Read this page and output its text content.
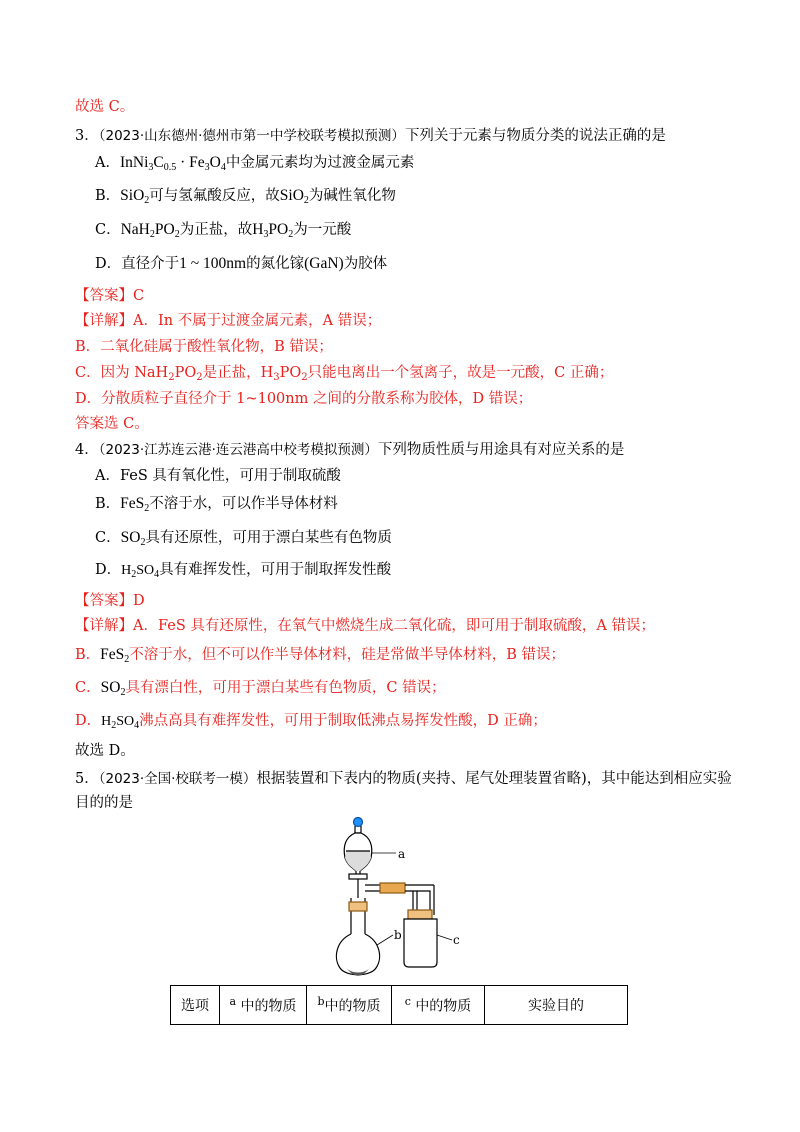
故选 C。
3．（2023·山东德州·德州市第一中学校联考模拟预测）下列关于元素与物质分类的说法正确的是
A．$InNi_3C_{0.5} \cdot Fe_3O_4$中金属元素均为过渡金属元素
B．SiO$_2$可与氢氟酸反应，故SiO$_2$为碱性氧化物
C．$NaH_2PO_2$为正盐，故$H_3PO_2$为一元酸
D．直径介于1 ~ 100nm的氮化镓(GaN)为胶体
【答案】C
【详解】A．In 不属于过渡金属元素，A 错误；
B．二氧化硅属于酸性氧化物，B 错误；
C．因为 $NaH_2PO_2$是正盐，$H_3PO_2$只能电离出一个氢离子，故是一元酸，C 正确；
D．分散质粒子直径介于 1~100nm 之间的分散系称为胶体，D 错误；
答案选 C。
4．（2023·江苏连云港·连云港高中校考模拟预测）下列物质性质与用途具有对应关系的是
A．FeS 具有氧化性，可用于制取硫酸
B．FeS$_2$不溶于水，可以作半导体材料
C．$SO_2$具有还原性，可用于漂白某些有色物质
D．$H_2SO_4$具有难挥发性，可用于制取挥发性酸
【答案】D
【详解】A．FeS 具有还原性，在氧气中燃烧生成二氧化硫，即可用于制取硫酸，A 错误；
B．FeS$_2$不溶于水，但不可以作半导体材料，硅是常做半导体材料，B 错误；
C．$SO_2$具有漂白性，可用于漂白某些有色物质，C 错误；
D．$H_2SO_4$沸点高具有难挥发性，可用于制取低沸点易挥发性酸，D 正确；
故选 D。
5．（2023·全国·校联考一模）根据装置和下表内的物质(夹持、尾气处理装置省略)，其中能达到相应实验
目的的是
a
b	c
选项	$^a$ 中的物质	$^b$中的物质	$^c$ 中的物质	实验目的
